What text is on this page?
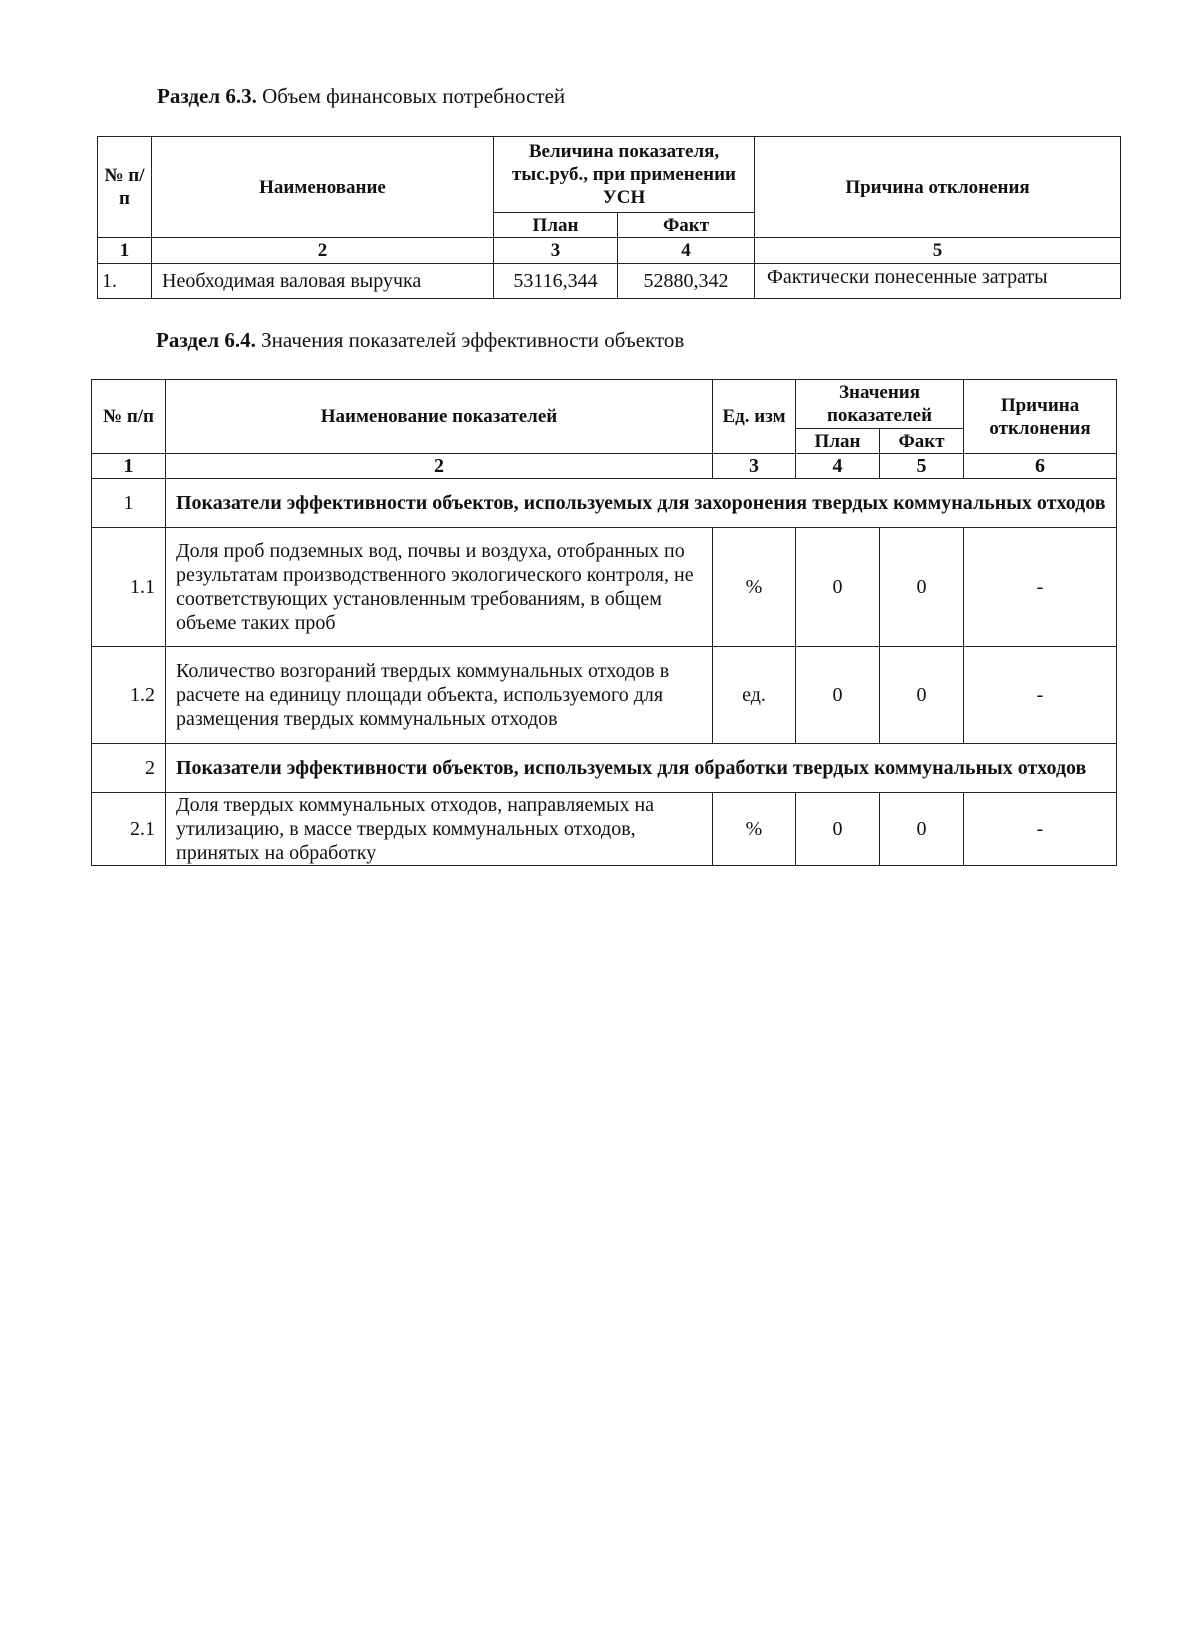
Раздел 6.3. Объем финансовых потребностей

№ п/п	Наименование	Величина показателя, тыс.руб., при применении УСН		Причина отклонения
		План	Факт	
1	2	3	4	5
1.	Необходимая валовая выручка	53116,344	52880,342	Фактически понесенные затраты

Раздел 6.4. Значения показателей эффективности объектов

№ п/п	Наименование показателей	Ед. изм	Значения показателей		Причина отклонения
			План	Факт	
1	2	3	4	5	6
1	Показатели эффективности объектов, используемых для захоронения твердых коммунальных отходов				
1.1	Доля проб подземных вод, почвы и воздуха, отобранных по результатам производственного экологического контроля, не соответствующих установленным требованиям, в общем объеме таких проб	%	0	0	-
1.2	Количество возгораний твердых коммунальных отходов в расчете на единицу площади объекта, используемого для размещения твердых коммунальных отходов	ед.	0	0	-
2	Показатели эффективности объектов, используемых для обработки твердых коммунальных отходов				
2.1	Доля твердых коммунальных отходов, направляемых на утилизацию, в массе твердых коммунальных отходов, принятых на обработку	%	0	0	-
